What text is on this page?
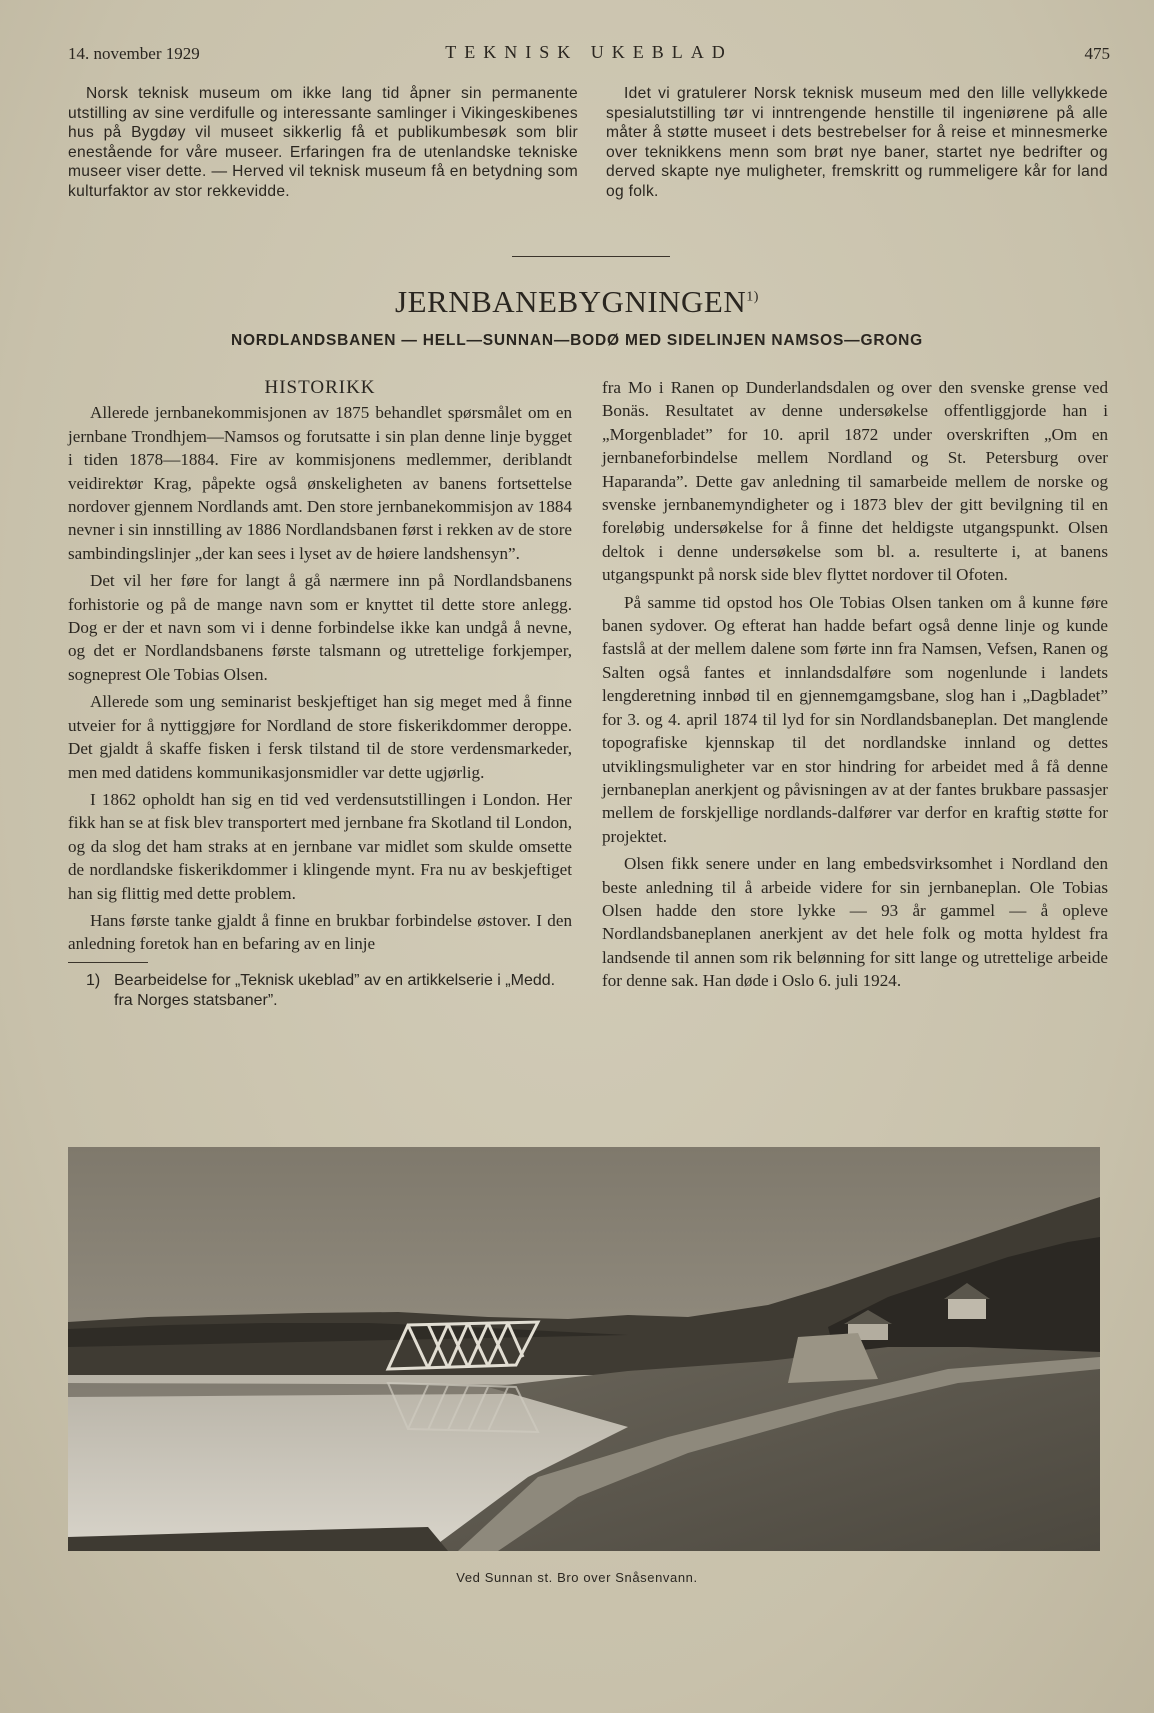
14. november 1929	TEKNISK UKEBLAD	475

Norsk teknisk museum om ikke lang tid åpner sin permanente utstilling av sine verdifulle og interessante samlinger i Vikingeskibenes hus på Bygdøy vil museet sikkerlig få et publikumbesøk som blir enestående for våre museer. Erfaringen fra de utenlandske tekniske museer viser dette. — Herved vil teknisk museum få en betydning som kulturfaktor av stor rekkevidde.

Idet vi gratulerer Norsk teknisk museum med den lille vellykkede spesialutstilling tør vi inntrengende henstille til ingeniørene på alle måter å støtte museet i dets bestrebelser for å reise et minnesmerke over teknikkens menn som brøt nye baner, startet nye bedrifter og derved skapte nye muligheter, fremskritt og rummeligere kår for land og folk.

JERNBANEBYGNINGEN$^{1)}$
NORDLANDSBANEN — HELL—SUNNAN—BODØ MED SIDELINJEN NAMSOS—GRONG
HISTORIKK

Allerede jernbanekommisjonen av 1875 behandlet spørsmålet om en jernbane Trondhjem—Namsos og forutsatte i sin plan denne linje bygget i tiden 1878—1884. Fire av kommisjonens medlemmer, deriblandt veidirektør Krag, påpekte også ønskeligheten av banens fortsettelse nordover gjennem Nordlands amt. Den store jernbanekommisjon av 1884 nevner i sin innstilling av 1886 Nordlandsbanen først i rekken av de store sambindingslinjer „der kan sees i lyset av de høiere landshensyn”.

Det vil her føre for langt å gå nærmere inn på Nordlandsbanens forhistorie og på de mange navn som er knyttet til dette store anlegg. Dog er der et navn som vi i denne forbindelse ikke kan undgå å nevne, og det er Nordlandsbanens første talsmann og utrettelige forkjemper, sogneprest Ole Tobias Olsen.

Allerede som ung seminarist beskjeftiget han sig meget med å finne utveier for å nyttiggjøre for Nordland de store fiskerikdommer deroppe. Det gjaldt å skaffe fisken i fersk tilstand til de store verdensmarkeder, men med datidens kommunikasjonsmidler var dette ugjørlig.

I 1862 opholdt han sig en tid ved verdensutstillingen i London. Her fikk han se at fisk blev transportert med jernbane fra Skotland til London, og da slog det ham straks at en jernbane var midlet som skulde omsette de nordlandske fiskerikdommer i klingende mynt. Fra nu av beskjeftiget han sig flittig med dette problem.

Hans første tanke gjaldt å finne en brukbar forbindelse østover. I den anledning foretok han en befaring av en linje

1) Bearbeidelse for „Teknisk ukeblad” av en artikkelserie i „Medd. fra Norges statsbaner”.

fra Mo i Ranen op Dunderlandsdalen og over den svenske grense ved Bonäs. Resultatet av denne undersøkelse offentliggjorde han i „Morgenbladet” for 10. april 1872 under overskriften „Om en jernbaneforbindelse mellem Nordland og St. Petersburg over Haparanda”. Dette gav anledning til samarbeide mellem de norske og svenske jernbanemyndigheter og i 1873 blev der gitt bevilgning til en foreløbig undersøkelse for å finne det heldigste utgangspunkt. Olsen deltok i denne undersøkelse som bl. a. resulterte i, at banens utgangspunkt på norsk side blev flyttet nordover til Ofoten.

På samme tid opstod hos Ole Tobias Olsen tanken om å kunne føre banen sydover. Og efterat han hadde befart også denne linje og kunde fastslå at der mellem dalene som førte inn fra Namsen, Vefsen, Ranen og Salten også fantes et innlandsdalføre som nogenlunde i landets lengderetning innbød til en gjennemgamgsbane, slog han i „Dagbladet” for 3. og 4. april 1874 til lyd for sin Nordlandsbaneplan. Det manglende topografiske kjennskap til det nordlandske innland og dettes utviklingsmuligheter var en stor hindring for arbeidet med å få denne jernbaneplan anerkjent og påvisningen av at der fantes brukbare passasjer mellem de forskjellige nordlands-dalfører var derfor en kraftig støtte for projektet.

Olsen fikk senere under en lang embedsvirksomhet i Nordland den beste anledning til å arbeide videre for sin jernbaneplan. Ole Tobias Olsen hadde den store lykke — 93 år gammel — å opleve Nordlandsbaneplanen anerkjent av det hele folk og motta hyldest fra landsende til annen som rik belønning for sitt lange og utrettelige arbeide for denne sak. Han døde i Oslo 6. juli 1924.

Ved Sunnan st. Bro over Snåsenvann.
